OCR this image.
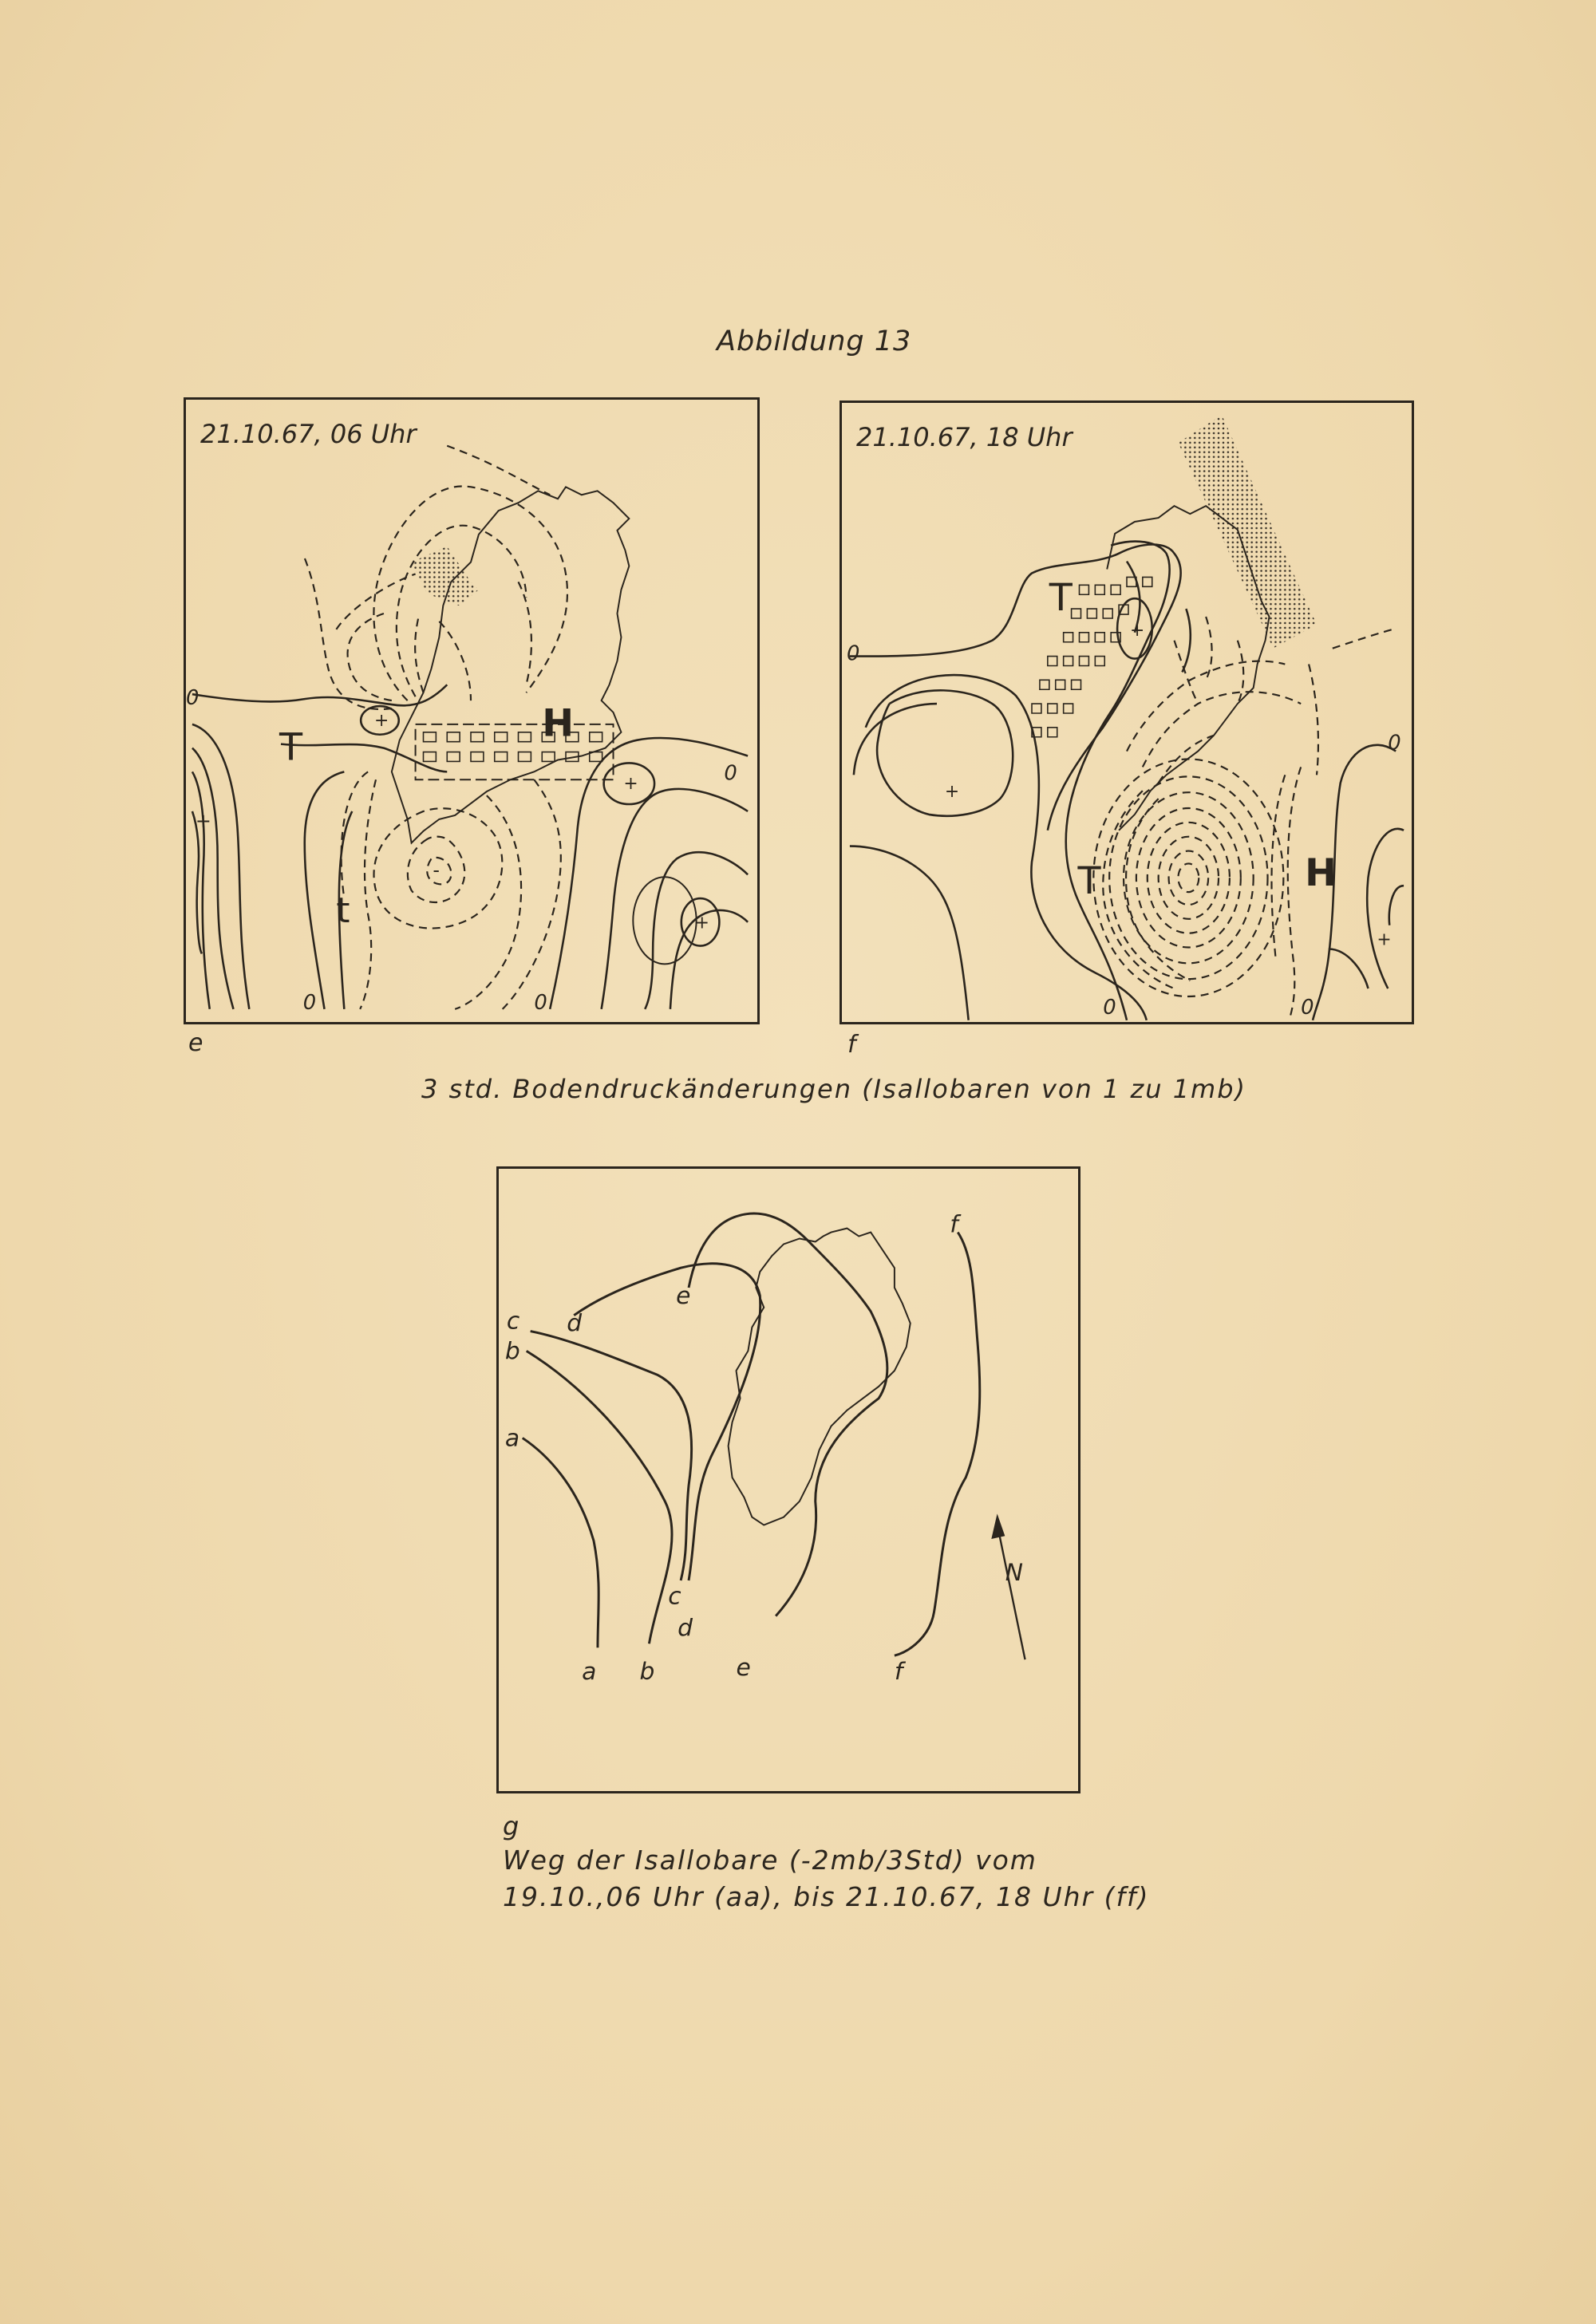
Abbildung 13
T
H
t
0
0	0
0
+
+
+
+
-
21.10.67, 06 Uhr
e
T
T	H
0
0
0	0
+
+
+
21.10.67, 18 Uhr
f
3 std. Bodendruckänderungen (Isallobaren von 1 zu 1mb)
N
a
a
b
b
c
c
d
d
e
e
f
f
g
Weg der Isallobare (-2mb/3Std) vom
19.10.,06 Uhr (aa), bis 21.10.67, 18 Uhr (ff)
